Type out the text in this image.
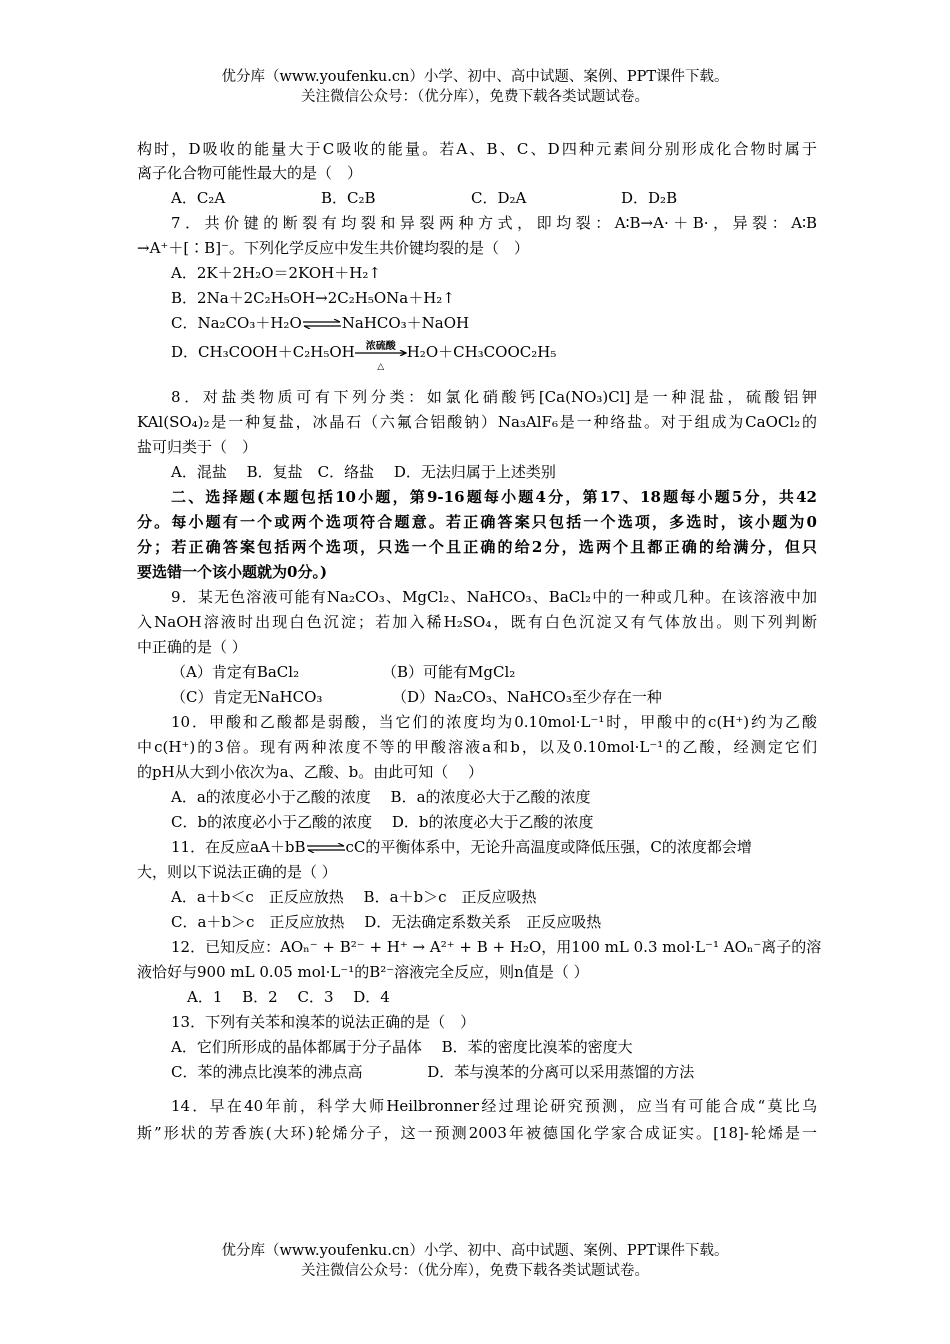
优分库（www.youfenku.cn）小学、初中、高中试题、案例、PPT课件下载。
关注微信公众号：（优分库），免费下载各类试题试卷。
构时，D吸收的能量大于C吸收的能量。若A、B、C、D四种元素间分别形成化合物时属于
离子化合物可能性最大的是（　）
A．C₂A	B．C₂B	C．D₂A	D．D₂B
7．共价键的断裂有均裂和异裂两种方式，即均裂：A∶B→A·＋B·，异裂：A∶B
→A⁺＋[∶B]⁻。下列化学反应中发生共价键均裂的是（　）
A．2K＋2H₂O＝2KOH＋H₂↑
B．2Na＋2C₂H₅OH→2C₂H₅ONa＋H₂↑
C．Na₂CO₃＋H₂O⇌NaHCO₃＋NaOH
D．CH₃COOH＋C₂H₅OH	浓硫酸
△
H₂O＋CH₃COOC₂H₅
8．对盐类物质可有下列分类：如氯化硝酸钙[Ca(NO₃)Cl]是一种混盐，硫酸铝钾
KAl(SO₄)₂是一种复盐，冰晶石（六氟合铝酸钠）Na₃AlF₆是一种络盐。对于组成为CaOCl₂的
盐可归类于（　）
A．混盐　 B．复盐　C．络盐　 D．无法归属于上述类别
二、选择题(本题包括10小题，第9-16题每小题4分，第17、18题每小题5分，共42
分。每小题有一个或两个选项符合题意。若正确答案只包括一个选项，多选时，该小题为0
分；若正确答案包括两个选项，只选一个且正确的给2分，选两个且都正确的给满分，但只
要选错一个该小题就为0分。)
9．某无色溶液可能有Na₂CO₃、MgCl₂、NaHCO₃、BaCl₂中的一种或几种。在该溶液中加
入NaOH溶液时出现白色沉淀；若加入稀H₂SO₄，既有白色沉淀又有气体放出。则下列判断
中正确的是（ ）
（A）肯定有BaCl₂	（B）可能有MgCl₂
（C）肯定无NaHCO₃	（D）Na₂CO₃、NaHCO₃至少存在一种
10．甲酸和乙酸都是弱酸，当它们的浓度均为0.10mol·L⁻¹时，甲酸中的c(H⁺)约为乙酸
中c(H⁺)的3倍。现有两种浓度不等的甲酸溶液a和b，以及0.10mol·L⁻¹的乙酸，经测定它们
的pH从大到小依次为a、乙酸、b。由此可知（　 ）
A．a的浓度必小于乙酸的浓度　 B．a的浓度必大于乙酸的浓度
C．b的浓度必小于乙酸的浓度　 D．b的浓度必大于乙酸的浓度
11．在反应aA＋bB⇌cC的平衡体系中，无论升高温度或降低压强，C的浓度都会增
大，则以下说法正确的是（ ）
A．a＋b＜c　正反应放热　 B．a＋b＞c　正反应吸热
C．a＋b＞c　正反应放热　 D．无法确定系数关系　正反应吸热
12．已知反应：AOₙ⁻ + B²⁻ + H⁺ → A²⁺ + B + H₂O，用100 mL 0.3 mol·L⁻¹ AOₙ⁻离子的溶
液恰好与900 mL 0.05 mol·L⁻¹的B²⁻溶液完全反应，则n值是（ ）
A．1　 B．2　 C．3　 D．4
13．下列有关苯和溴苯的说法正确的是（　）
A．它们所形成的晶体都属于分子晶体　 B．苯的密度比溴苯的密度大
C．苯的沸点比溴苯的沸点高　　　　 D．苯与溴苯的分离可以采用蒸馏的方法
14．早在40年前，科学大师Heilbronner经过理论研究预测，应当有可能合成“莫比乌
斯”形状的芳香族(大环)轮烯分子，这一预测2003年被德国化学家合成证实。[18]-轮烯是一
优分库（www.youfenku.cn）小学、初中、高中试题、案例、PPT课件下载。
关注微信公众号：（优分库），免费下载各类试题试卷。
